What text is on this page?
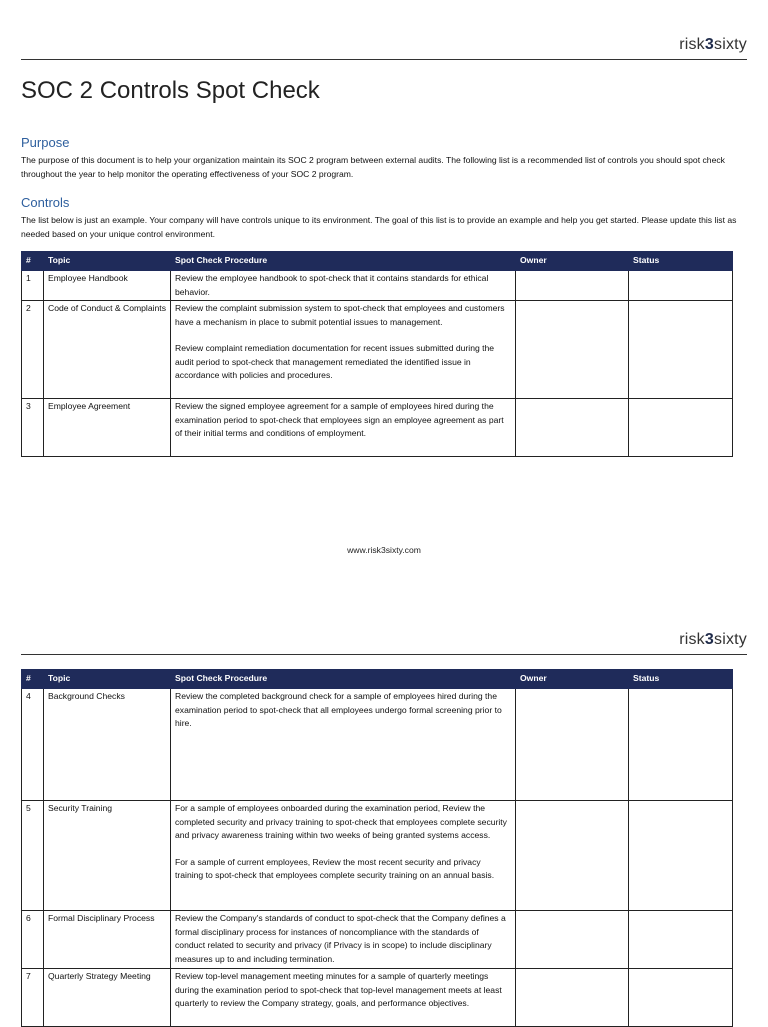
risk3sixty
SOC 2 Controls Spot Check
Purpose

The purpose of this document is to help your organization maintain its SOC 2 program between external audits. The following list is a recommended list of controls you should spot check throughout the year to help monitor the operating effectiveness of your SOC 2 program.

Controls

The list below is just an example. Your company will have controls unique to its environment. The goal of this list is to provide an example and help you get started. Please update this list as needed based on your unique control environment.

#	Topic	Spot Check Procedure	Owner	Status
1	Employee Handbook	Review the employee handbook to spot-check that it contains standards for ethical behavior.		
2	Code of Conduct & Complaints	Review the complaint submission system to spot-check that employees and customers have a mechanism in place to submit potential issues to management.
Review complaint remediation documentation for recent issues submitted during the audit period to spot-check that management remediated the identified issue in accordance with policies and procedures.		
3	Employee Agreement	Review the signed employee agreement for a sample of employees hired during the examination period to spot-check that employees sign an employee agreement as part of their initial terms and conditions of employment.		
www.risk3sixty.com
risk3sixty
#	Topic	Spot Check Procedure	Owner	Status
4	Background Checks	Review the completed background check for a sample of employees hired during the examination period to spot-check that all employees undergo formal screening prior to hire.		
5	Security Training	For a sample of employees onboarded during the examination period, Review the completed security and privacy training to spot-check that employees complete security and privacy awareness training within two weeks of being granted systems access.
For a sample of current employees, Review the most recent security and privacy training to spot-check that employees complete security training on an annual basis.		
6	Formal Disciplinary Process	Review the Company's standards of conduct to spot-check that the Company defines a formal disciplinary process for instances of noncompliance with the standards of conduct related to security and privacy (if Privacy is in scope) to include disciplinary measures up to and including termination.		
7	Quarterly Strategy Meeting	Review top-level management meeting minutes for a sample of quarterly meetings during the examination period to spot-check that top-level management meets at least quarterly to review the Company strategy, goals, and performance objectives.		
